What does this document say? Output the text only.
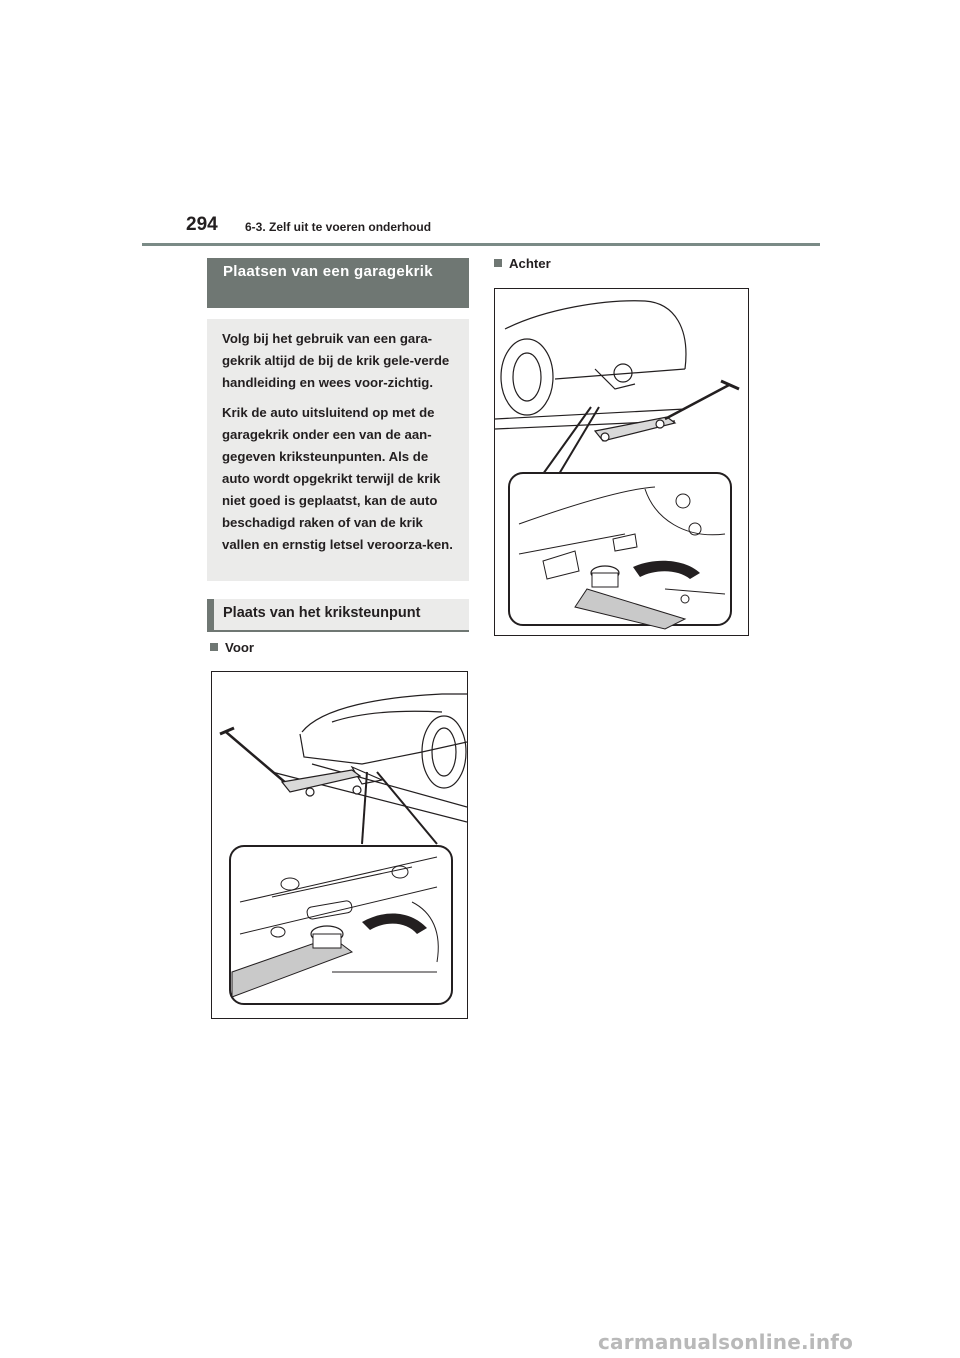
294 6-3. Zelf uit te voeren onderhoud
Plaatsen van een garagekrik

Volg bij het gebruik van een gara-gekrik altijd de bij de krik gele-verde handleiding en wees voor-zichtig.

Krik de auto uitsluitend op met de garagekrik onder een van de aan-gegeven kriksteunpunten. Als de auto wordt opgekrikt terwijl de krik niet goed is geplaatst, kan de auto beschadigd raken of van de krik vallen en ernstig letsel veroorza-ken.

Plaats van het kriksteunpunt
Voor
Achter
carmanualsonline.info
